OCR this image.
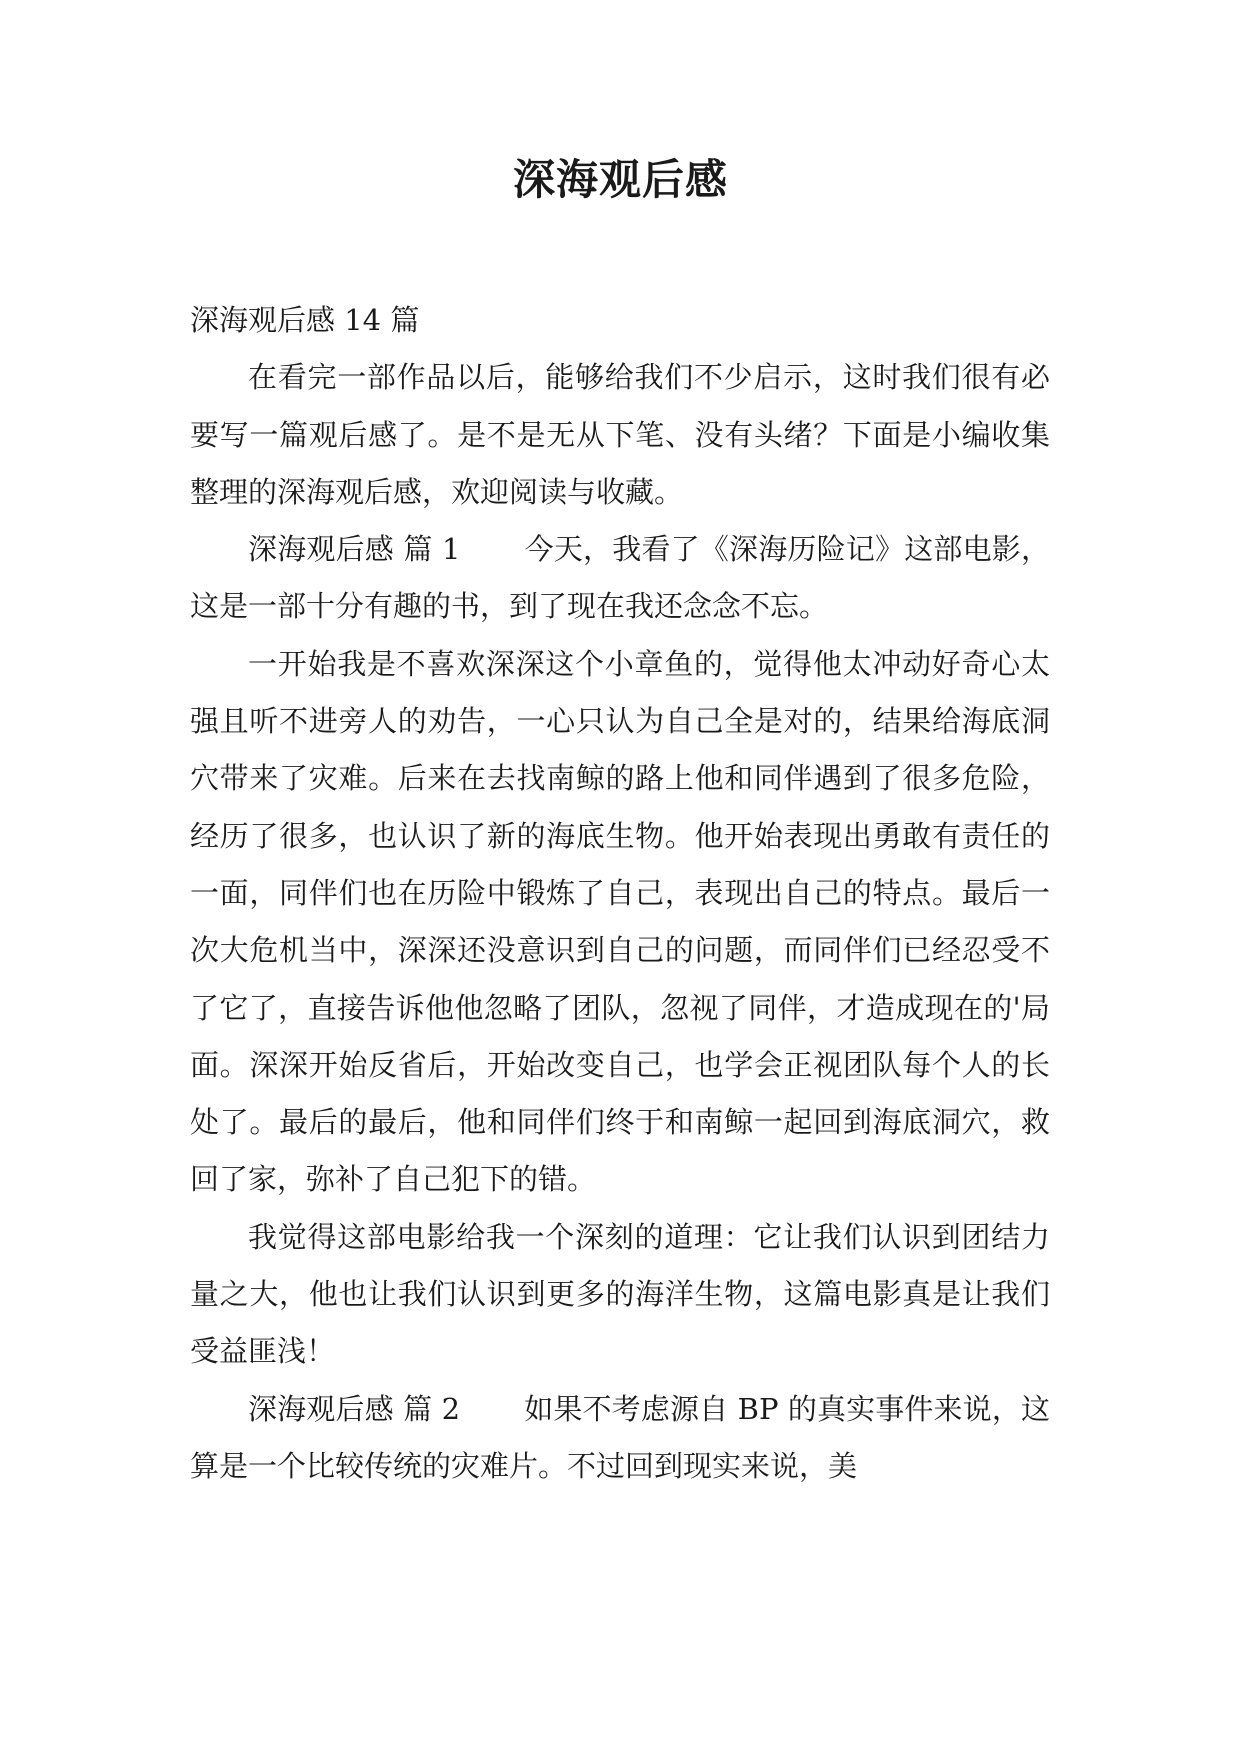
深海观后感

深海观后感 14 篇

在看完一部作品以后，能够给我们不少启示，这时我们很有必要写一篇观后感了。是不是无从下笔、没有头绪？下面是小编收集整理的深海观后感，欢迎阅读与收藏。

深海观后感 篇 1 今天，我看了《深海历险记》这部电影，这是一部十分有趣的书，到了现在我还念念不忘。

一开始我是不喜欢深深这个小章鱼的，觉得他太冲动好奇心太强且听不进旁人的劝告，一心只认为自己全是对的，结果给海底洞穴带来了灾难。后来在去找南鲸的路上他和同伴遇到了很多危险，经历了很多，也认识了新的海底生物。他开始表现出勇敢有责任的一面，同伴们也在历险中锻炼了自己，表现出自己的特点。最后一次大危机当中，深深还没意识到自己的问题，而同伴们已经忍受不了它了，直接告诉他他忽略了团队，忽视了同伴，才造成现在的'局面。深深开始反省后，开始改变自己，也学会正视团队每个人的长处了。最后的最后，他和同伴们终于和南鲸一起回到海底洞穴，救回了家，弥补了自己犯下的错。

我觉得这部电影给我一个深刻的道理：它让我们认识到团结力量之大，他也让我们认识到更多的海洋生物，这篇电影真是让我们受益匪浅！

深海观后感 篇 2 如果不考虑源自 BP 的真实事件来说，这算是一个比较传统的灾难片。不过回到现实来说，美
